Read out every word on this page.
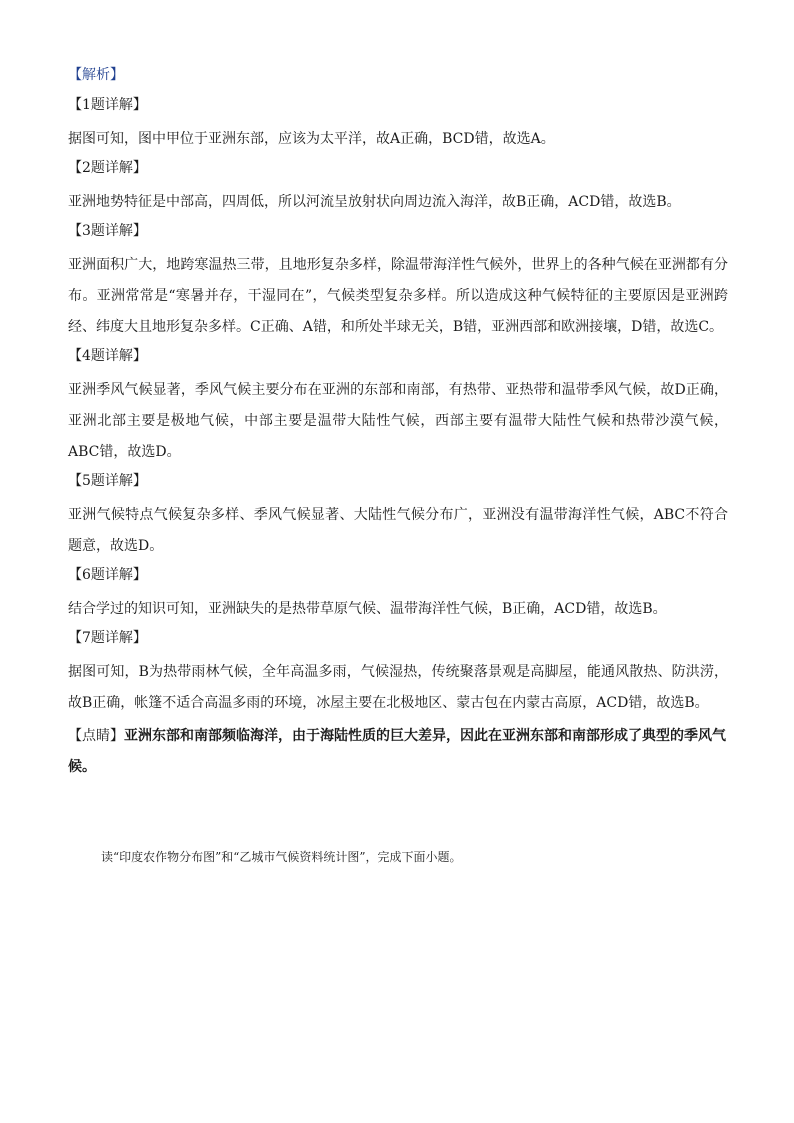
【解析】
【1题详解】
据图可知，图中甲位于亚洲东部，应该为太平洋，故A正确，BCD错，故选A。
【2题详解】
亚洲地势特征是中部高，四周低，所以河流呈放射状向周边流入海洋，故B正确，ACD错，故选B。
【3题详解】
亚洲面积广大，地跨寒温热三带，且地形复杂多样，除温带海洋性气候外，世界上的各种气候在亚洲都有分布。亚洲常常是“寒暑并存，干湿同在”，气候类型复杂多样。所以造成这种气候特征的主要原因是亚洲跨经、纬度大且地形复杂多样。C正确、A错，和所处半球无关，B错，亚洲西部和欧洲接壤，D错，故选C。
【4题详解】
亚洲季风气候显著，季风气候主要分布在亚洲的东部和南部，有热带、亚热带和温带季风气候，故D正确，亚洲北部主要是极地气候，中部主要是温带大陆性气候，西部主要有温带大陆性气候和热带沙漠气候，ABC错，故选D。
【5题详解】
亚洲气候特点气候复杂多样、季风气候显著、大陆性气候分布广，亚洲没有温带海洋性气候，ABC不符合题意，故选D。
【6题详解】
结合学过的知识可知，亚洲缺失的是热带草原气候、温带海洋性气候，B正确，ACD错，故选B。
【7题详解】
据图可知，B为热带雨林气候，全年高温多雨，气候湿热，传统聚落景观是高脚屋，能通风散热、防洪涝，故B正确，帐篷不适合高温多雨的环境，冰屋主要在北极地区、蒙古包在内蒙古高原，ACD错，故选B。
【点睛】亚洲东部和南部频临海洋，由于海陆性质的巨大差异，因此在亚洲东部和南部形成了典型的季风气候。
读“印度农作物分布图”和“乙城市气候资料统计图”，完成下面小题。
